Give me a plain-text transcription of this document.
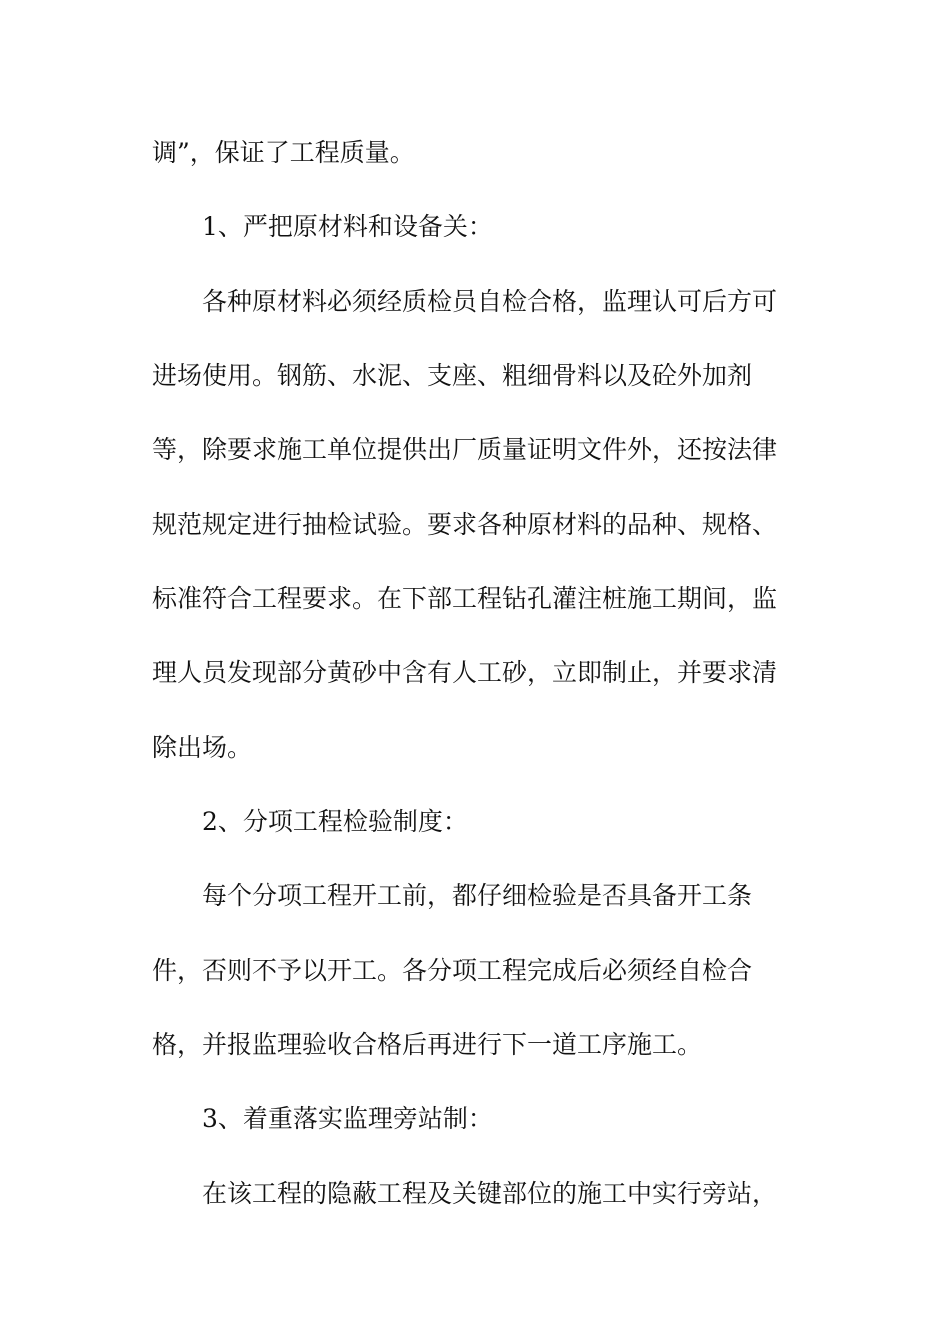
调”，保证了工程质量。
1、严把原材料和设备关：
各种原材料必须经质检员自检合格，监理认可后方可
进场使用。钢筋、水泥、支座、粗细骨料以及砼外加剂
等，除要求施工单位提供出厂质量证明文件外，还按法律
规范规定进行抽检试验。要求各种原材料的品种、规格、
标准符合工程要求。在下部工程钻孔灌注桩施工期间，监
理人员发现部分黄砂中含有人工砂，立即制止，并要求清
除出场。
2、分项工程检验制度：
每个分项工程开工前，都仔细检验是否具备开工条
件，否则不予以开工。各分项工程完成后必须经自检合
格，并报监理验收合格后再进行下一道工序施工。
3、着重落实监理旁站制：
在该工程的隐蔽工程及关键部位的施工中实行旁站，
